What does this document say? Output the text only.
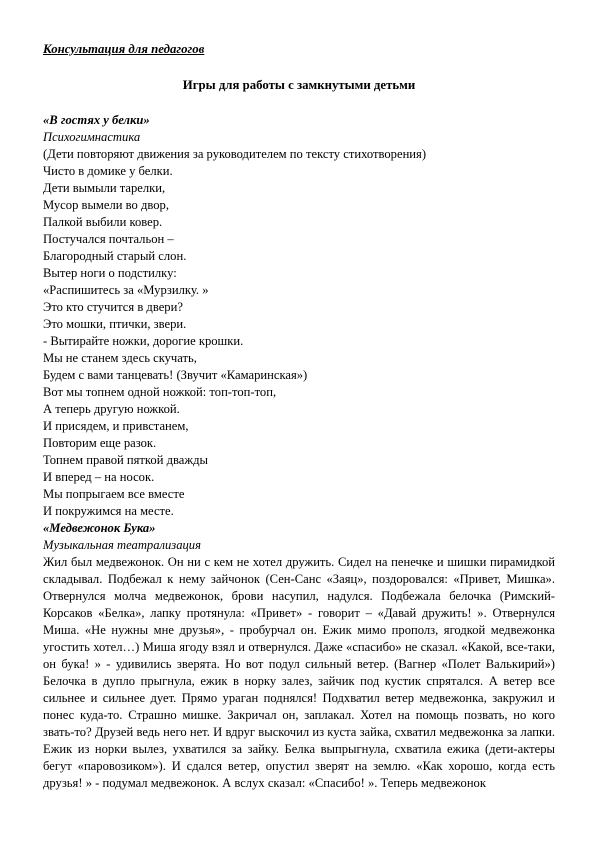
Консультация для педагогов
Игры для работы с замкнутыми детьми
«В гостях у белки»
Психогимнастика
(Дети повторяют движения за руководителем по тексту стихотворения)
Чисто в домике у белки.
Дети вымыли тарелки,
Мусор вымели во двор,
Палкой выбили ковер.
Постучался почтальон –
Благородный старый слон.
Вытер ноги о подстилку:
«Распишитесь за «Мурзилку. »
Это кто стучится в двери?
Это мошки, птички, звери.
- Вытирайте ножки, дорогие крошки.
Мы не станем здесь скучать,
Будем с вами танцевать! (Звучит «Камаринская»)
Вот мы топнем одной ножкой: топ-топ-топ,
А теперь другую ножкой.
И присядем, и привстанем,
Повторим еще разок.
Топнем правой пяткой дважды
И вперед – на носок.
Мы попрыгаем все вместе
И покружимся на месте.
«Медвежонок Бука»
Музыкальная театрализация

Жил был медвежонок. Он ни с кем не хотел дружить. Сидел на пенечке и шишки пирамидкой складывал. Подбежал к нему зайчонок (Сен-Санс «Заяц», поздоровался: «Привет, Мишка». Отвернулся молча медвежонок, брови насупил, надулся. Подбежала белочка (Римский-Корсаков «Белка», лапку протянула: «Привет» - говорит – «Давай дружить! ». Отвернулся Миша. «Не нужны мне друзья», - пробурчал он. Ежик мимо прополз, ягодкой медвежонка угостить хотел…) Миша ягоду взял и отвернулся. Даже «спасибо» не сказал. «Какой, все-таки, он бука! » - удивились зверята. Но вот подул сильный ветер. (Вагнер «Полет Валькирий») Белочка в дупло прыгнула, ежик в норку залез, зайчик под кустик спрятался. А ветер все сильнее и сильнее дует. Прямо ураган поднялся! Подхватил ветер медвежонка, закружил и понес куда-то. Страшно мишке. Закричал он, заплакал. Хотел на помощь позвать, но кого звать-то? Друзей ведь него нет. И вдруг выскочил из куста зайка, схватил медвежонка за лапки. Ежик из норки вылез, ухватился за зайку. Белка выпрыгнула, схватила ежика (дети-актеры бегут «паровозиком»). И сдался ветер, опустил зверят на землю. «Как хорошо, когда есть друзья! » - подумал медвежонок. А вслух сказал: «Спасибо! ». Теперь медвежонок
